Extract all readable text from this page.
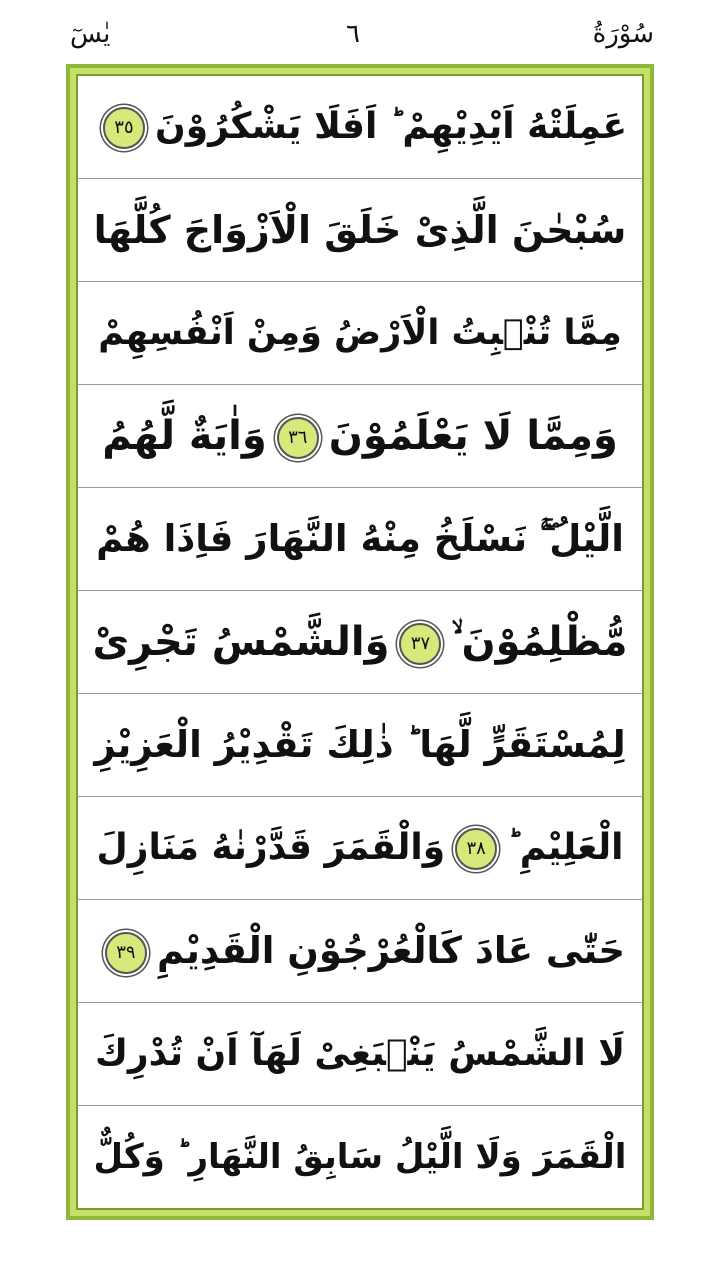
يٰسٓ	٦	سُوْرَةُ
عَمِلَتْهُ اَيْدِيْهِمْ ؕ اَفَلَا يَشْكُرُوْنَ٣٥
سُبْحٰنَ الَّذِىْ خَلَقَ الْاَزْوَاجَ كُلَّهَا
مِمَّا تُنْۢبِتُ الْاَرْضُ وَمِنْ اَنْفُسِهِمْ
وَمِمَّا لَا يَعْلَمُوْنَ٣٦وَاٰيَةٌ لَّهُمُ
الَّيْلُ ۖۚ نَسْلَخُ مِنْهُ النَّهَارَ فَاِذَا هُمْ
مُّظْلِمُوْنَ ۙ٣٧وَالشَّمْسُ تَجْرِىْ
لِمُسْتَقَرٍّ لَّهَا ؕ ذٰلِكَ تَقْدِيْرُ الْعَزِيْزِ
الْعَلِيْمِ ؕ٣٨وَالْقَمَرَ قَدَّرْنٰهُ مَنَازِلَ
حَتّٰى عَادَ كَالْعُرْجُوْنِ الْقَدِيْمِ٣٩
لَا الشَّمْسُ يَنْۢبَغِىْ لَهَآ اَنْ تُدْرِكَ
الْقَمَرَ وَلَا الَّيْلُ سَابِقُ النَّهَارِ ؕ وَكُلٌّ
